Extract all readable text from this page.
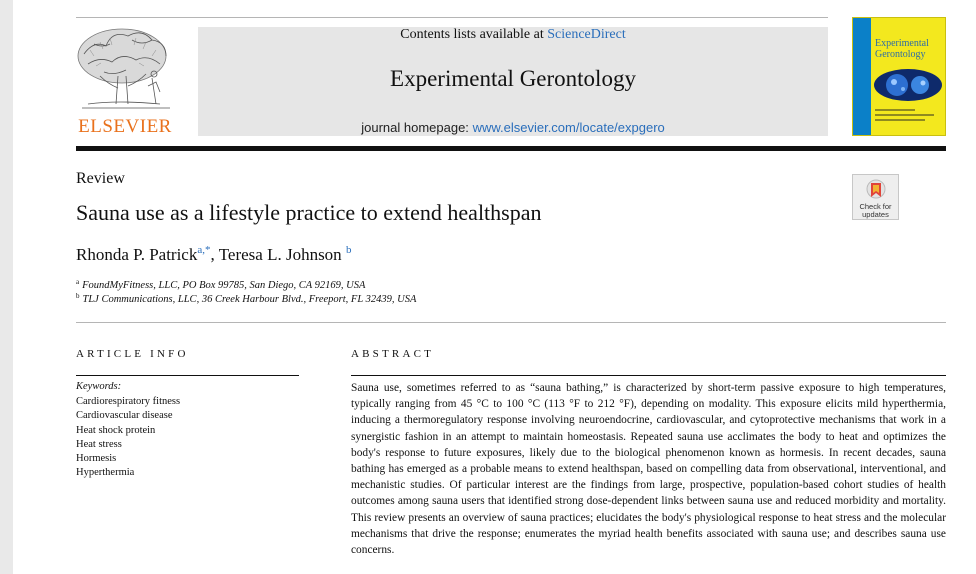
ELSEVIER
Contents lists available at ScienceDirect
Experimental Gerontology
journal homepage: www.elsevier.com/locate/expgero
Experimental Gerontology
Review
Sauna use as a lifestyle practice to extend healthspan
Rhonda P. Patrick$^{a,*}$, Teresa L. Johnson $^b$
$^a$ FoundMyFitness, LLC, PO Box 99785, San Diego, CA 92169, USA
$^b$ TLJ Communications, LLC, 36 Creek Harbour Blvd., Freeport, FL 32439, USA
Check for updates
ARTICLE INFO
Keywords:
Cardiorespiratory fitness
Cardiovascular disease
Heat shock protein
Heat stress
Hormesis
Hyperthermia
ABSTRACT

Sauna use, sometimes referred to as “sauna bathing,” is characterized by short-term passive exposure to high temperatures, typically ranging from 45 °C to 100 °C (113 °F to 212 °F), depending on modality. This exposure elicits mild hyperthermia, inducing a thermoregulatory response involving neuroendocrine, cardiovascular, and cytoprotective mechanisms that work in a synergistic fashion in an attempt to maintain homeostasis. Repeated sauna use acclimates the body to heat and optimizes the body's response to future exposures, likely due to the biological phenomenon known as hormesis. In recent decades, sauna bathing has emerged as a probable means to extend healthspan, based on compelling data from observational, interventional, and mechanistic studies. Of particular interest are the findings from large, prospective, population-based cohort studies of health outcomes among sauna users that identified strong dose-dependent links between sauna use and reduced morbidity and mortality. This review presents an overview of sauna practices; elucidates the body's physiological response to heat stress and the molecular mechanisms that drive the response; enumerates the myriad health benefits associated with sauna use; and describes sauna use concerns.
